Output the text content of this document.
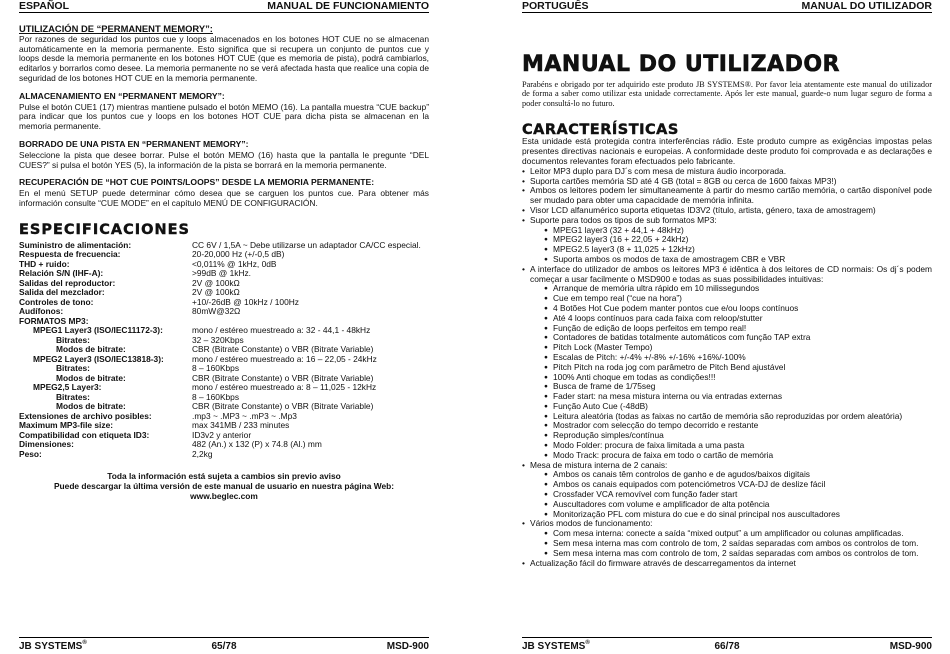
ESPAÑOL	MANUAL DE FUNCIONAMIENTO
UTILIZACIÓN DE “PERMANENT MEMORY”:

Por razones de seguridad los puntos cue y loops almacenados en los botones HOT CUE no se almacenan automáticamente en la memoria permanente. Esto significa que si recupera un conjunto de puntos cue y loops desde la memoria permanente en los botones HOT CUE (que es memoria de pista), podrá cambiarlos, editarlos y borrarlos como desee. La memoria permanente no se verá afectada hasta que realice una copia de seguridad de los botones HOT CUE en la memoria permanente.

ALMACENAMIENTO EN “PERMANENT MEMORY”:

Pulse el botón CUE1 (17) mientras mantiene pulsado el botón MEMO (16). La pantalla muestra “CUE backup” para indicar que los puntos cue y loops en los botones HOT CUE para dicha pista se almacenan en la memoria permanente.

BORRADO DE UNA PISTA EN “PERMANENT MEMORY”:

Seleccione la pista que desee borrar. Pulse el botón MEMO (16) hasta que la pantalla le pregunte “DEL CUES?” si pulsa el botón YES (5), la información de la pista se borrará en la memoria permanente.

RECUPERACIÓN DE “HOT CUE POINTS/LOOPS” DESDE LA MEMORIA PERMANENTE:

En el menú SETUP puede determinar cómo desea que se carguen los puntos cue. Para obtener más información consulte “CUE MODE” en el capítulo MENÚ DE CONFIGURACIÓN.

ESPECIFICACIONES
Suministro de alimentación:	CC 6V / 1,5A ~ Debe utilizarse un adaptador CA/CC especial.
Respuesta de frecuencia:	20-20,000 Hz (+/-0,5 dB)
THD + ruido:	<0,011% @ 1kHz, 0dB
Relación S/N (IHF-A):	>99dB @ 1kHz.
Salidas del reproductor:	2V @ 100kΩ
Salida del mezclador:	2V @ 100kΩ
Controles de tono:	+10/-26dB @ 10kHz / 100Hz
Audífonos:	80mW@32Ω
FORMATOS MP3:
MPEG1 Layer3 (ISO/IEC11172-3):	mono / estéreo muestreado a: 32 - 44,1 - 48kHz
Bitrates:	32 – 320Kbps
Modos de bitrate:	CBR (Bitrate Constante) o VBR (Bitrate Variable)
MPEG2 Layer3 (ISO/IEC13818-3):	mono / estéreo muestreado a: 16 – 22,05 - 24kHz
Bitrates:	8 – 160Kbps
Modos de bitrate:	CBR (Bitrate Constante) o VBR (Bitrate Variable)
MPEG2,5 Layer3:	mono / estéreo muestreado a: 8 – 11,025 - 12kHz
Bitrates:	8 – 160Kbps
Modos de bitrate:	CBR (Bitrate Constante) o VBR (Bitrate Variable)
Extensiones de archivo posibles:	.mp3 ~ .MP3 ~ .mP3 ~ .Mp3
Maximum MP3-file size:	max 341MB / 233 minutes
Compatibilidad con etiqueta ID3:	ID3v2 y anterior
Dimensiones:	482 (An.) x 132 (P) x 74.8 (Al.) mm
Peso:	2,2kg
Toda la información está sujeta a cambios sin previo aviso
Puede descargar la última versión de este manual de usuario en nuestra página Web:
www.beglec.com
JB SYSTEMS®	65/78	MSD-900
PORTUGUÊS	MANUAL DO UTILIZADOR
MANUAL DO UTILIZADOR

Parabéns e obrigado por ter adquirido este produto JB SYSTEMS®. Por favor leia atentamente este manual do utilizador de forma a saber como utilizar esta unidade correctamente. Após ler este manual, guarde-o num lugar seguro de forma a poder consultá-lo no futuro.

CARACTERÍSTICAS

Esta unidade está protegida contra interferências rádio. Este produto cumpre as exigências impostas pelas presentes directivas nacionais e europeias. A conformidade deste produto foi comprovada e as declarações e documentos relevantes foram efectuados pelo fabricante.

• Leitor MP3 duplo para DJ´s com mesa de mistura áudio incorporada.
• Suporta cartões memória SD até 4 GB (total = 8GB ou cerca de 1600 faixas MP3!)
• Ambos os leitores podem ler simultaneamente à partir do mesmo cartão memória, o cartão disponível pode ser mudado para obter uma capacidade de memória infinita.
• Visor LCD alfanumérico suporta etiquetas ID3V2 (título, artista, género, taxa de amostragem)
• Suporte para todos os tipos de sub formatos MP3:
● MPEG1 layer3 (32 + 44,1 + 48kHz)
● MPEG2 layer3 (16 + 22,05 + 24kHz)
● MPEG2.5 layer3 (8 + 11,025 + 12kHz)
● Suporta ambos os modos de taxa de amostragem CBR e VBR
• A interface do utilizador de ambos os leitores MP3 é idêntica à dos leitores de CD normais: Os dj´s podem começar a usar facilmente o MSD900 e todas as suas possibilidades intuitivas:
● Arranque de memória ultra rápido em 10 milissegundos
● Cue em tempo real (“cue na hora”)
● 4 Botões Hot Cue podem manter pontos cue e/ou loops contínuos
● Até 4 loops contínuos para cada faixa com reloop/stutter
● Função de edição de loops perfeitos em tempo real!
● Contadores de batidas totalmente automáticos com função TAP extra
● Pitch Lock (Master Tempo)
● Escalas de Pitch: +/-4% +/-8% +/-16% +16%/-100%
● Pitch Pitch na roda jog com parâmetro de Pitch Bend ajustável
● 100% Anti choque em todas as condições!!!
● Busca de frame de 1/75seg
● Fader start: na mesa mistura interna ou via entradas externas
● Função Auto Cue (-48dB)
● Leitura aleatória (todas as faixas no cartão de memória são reproduzidas por ordem aleatória)
● Mostrador com selecção do tempo decorrido e restante
● Reprodução simples/contínua
● Modo Folder: procura de faixa limitada a uma pasta
● Modo Track: procura de faixa em todo o cartão de memória
• Mesa de mistura interna de 2 canais:
● Ambos os canais têm controlos de ganho e de agudos/baixos digitais
● Ambos os canais equipados com potenciómetros VCA-DJ de deslize fácil
● Crossfader VCA removível com função fader start
● Auscultadores com volume e amplificador de alta potência
● Monitorização PFL com mistura do cue e do sinal principal nos auscultadores
• Vários modos de funcionamento:
● Com mesa interna: conecte a saída “mixed output” a um amplificador ou colunas amplificadas.
● Sem mesa interna mas com controlo de tom, 2 saídas separadas com ambos os controlos de tom.
● Sem mesa interna mas com controlo de tom, 2 saídas separadas com ambos os controlos de tom.
• Actualização fácil do firmware através de descarregamentos da internet
JB SYSTEMS®	66/78	MSD-900
